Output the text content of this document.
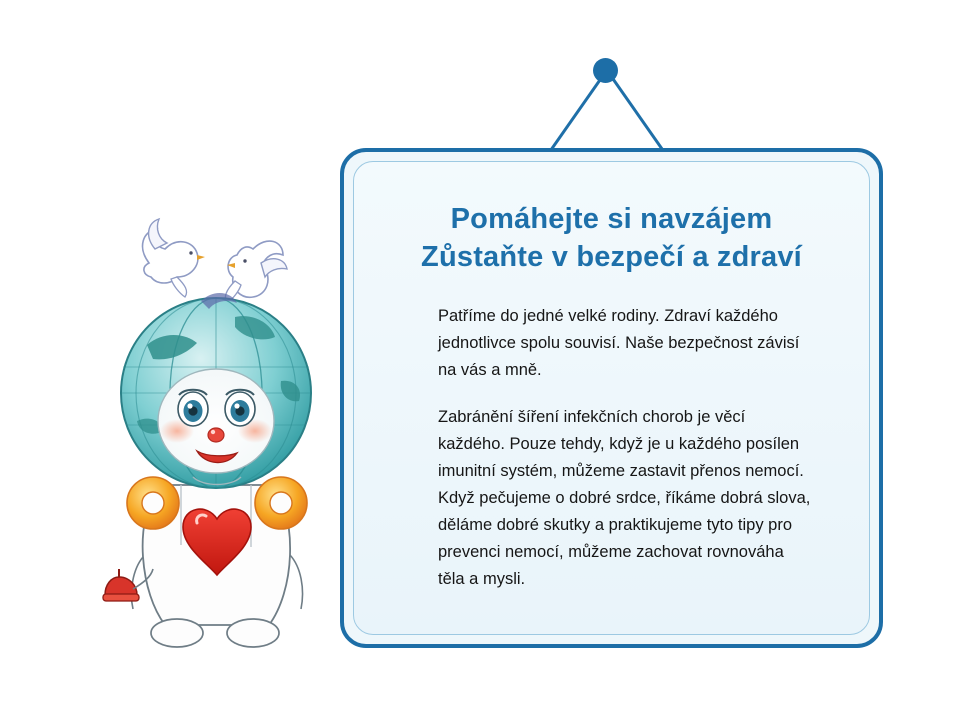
Pomáhejte si navzájem
Zůstaňte v bezpečí a zdraví

Patříme do jedné velké rodiny. Zdraví každého jednotlivce spolu souvisí. Naše bezpečnost závisí na vás a mně.

Zabránění šíření infekčních chorob je věcí každého. Pouze tehdy, když je u každého posílen imunitní systém, můžeme zastavit přenos nemocí. Když pečujeme o dobré srdce, říkáme dobrá slova, děláme dobré skutky a praktikujeme tyto tipy pro prevenci nemocí, můžeme zachovat rovnováha těla a mysli.
